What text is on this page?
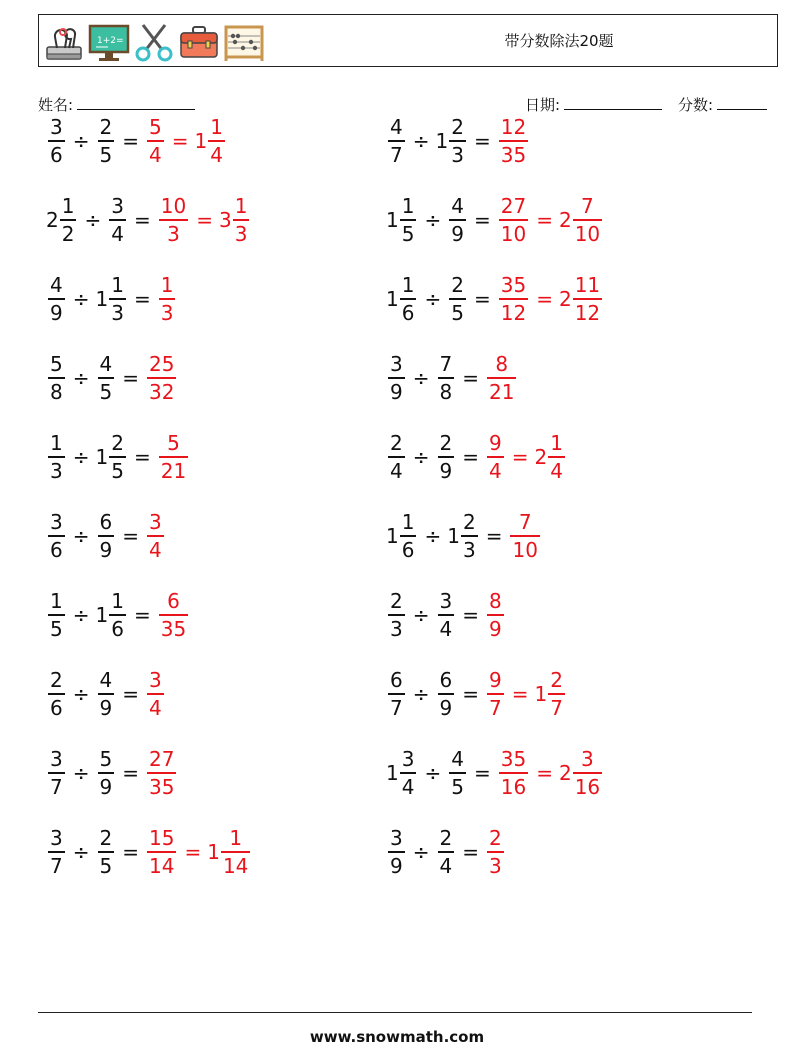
1+2=	带分数除法20题
姓名:	日期:	分数:
$\frac{3}{6} \div \frac{2}{5} = \frac{5}{4} = 1 \frac{1}{4}$	$\frac{4}{7} \div 1 \frac{2}{3} = \frac{12}{35}$
$2 \frac{1}{2} \div \frac{3}{4} = \frac{10}{3} = 3 \frac{1}{3}$	$1 \frac{1}{5} \div \frac{4}{9} = \frac{27}{10} = 2 \frac{7}{10}$
$\frac{4}{9} \div 1 \frac{1}{3} = \frac{1}{3}$	$1 \frac{1}{6} \div \frac{2}{5} = \frac{35}{12} = 2 \frac{11}{12}$
$\frac{5}{8} \div \frac{4}{5} = \frac{25}{32}$	$\frac{3}{9} \div \frac{7}{8} = \frac{8}{21}$
$\frac{1}{3} \div 1 \frac{2}{5} = \frac{5}{21}$	$\frac{2}{4} \div \frac{2}{9} = \frac{9}{4} = 2 \frac{1}{4}$
$\frac{3}{6} \div \frac{6}{9} = \frac{3}{4}$	$1 \frac{1}{6} \div 1 \frac{2}{3} = \frac{7}{10}$
$\frac{1}{5} \div 1 \frac{1}{6} = \frac{6}{35}$	$\frac{2}{3} \div \frac{3}{4} = \frac{8}{9}$
$\frac{2}{6} \div \frac{4}{9} = \frac{3}{4}$	$\frac{6}{7} \div \frac{6}{9} = \frac{9}{7} = 1 \frac{2}{7}$
$\frac{3}{7} \div \frac{5}{9} = \frac{27}{35}$	$1 \frac{3}{4} \div \frac{4}{5} = \frac{35}{16} = 2 \frac{3}{16}$
$\frac{3}{7} \div \frac{2}{5} = \frac{15}{14} = 1 \frac{1}{14}$	$\frac{3}{9} \div \frac{2}{4} = \frac{2}{3}$
www.snowmath.com
